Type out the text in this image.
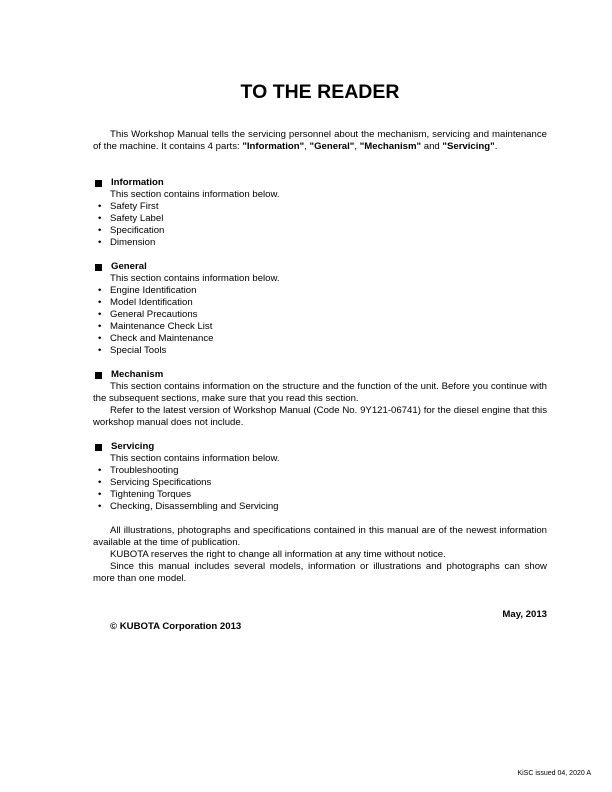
TO THE READER

This Workshop Manual tells the servicing personnel about the mechanism, servicing and maintenance of the machine. It contains 4 parts: "Information", "General", "Mechanism" and "Servicing".

Information
This section contains information below.
• Safety First
• Safety Label
• Specification
• Dimension
General
This section contains information below.
• Engine Identification
• Model Identification
• General Precautions
• Maintenance Check List
• Check and Maintenance
• Special Tools
Mechanism

This section contains information on the structure and the function of the unit. Before you continue with the subsequent sections, make sure that you read this section.

Refer to the latest version of Workshop Manual (Code No. 9Y121-06741) for the diesel engine that this workshop manual does not include.

Servicing
This section contains information below.
• Troubleshooting
• Servicing Specifications
• Tightening Torques
• Checking, Disassembling and Servicing

All illustrations, photographs and specifications contained in this manual are of the newest information available at the time of publication.

KUBOTA reserves the right to change all information at any time without notice.

Since this manual includes several models, information or illustrations and photographs can show more than one model.

May, 2013
© KUBOTA Corporation 2013
KiSC issued 04, 2020 A
